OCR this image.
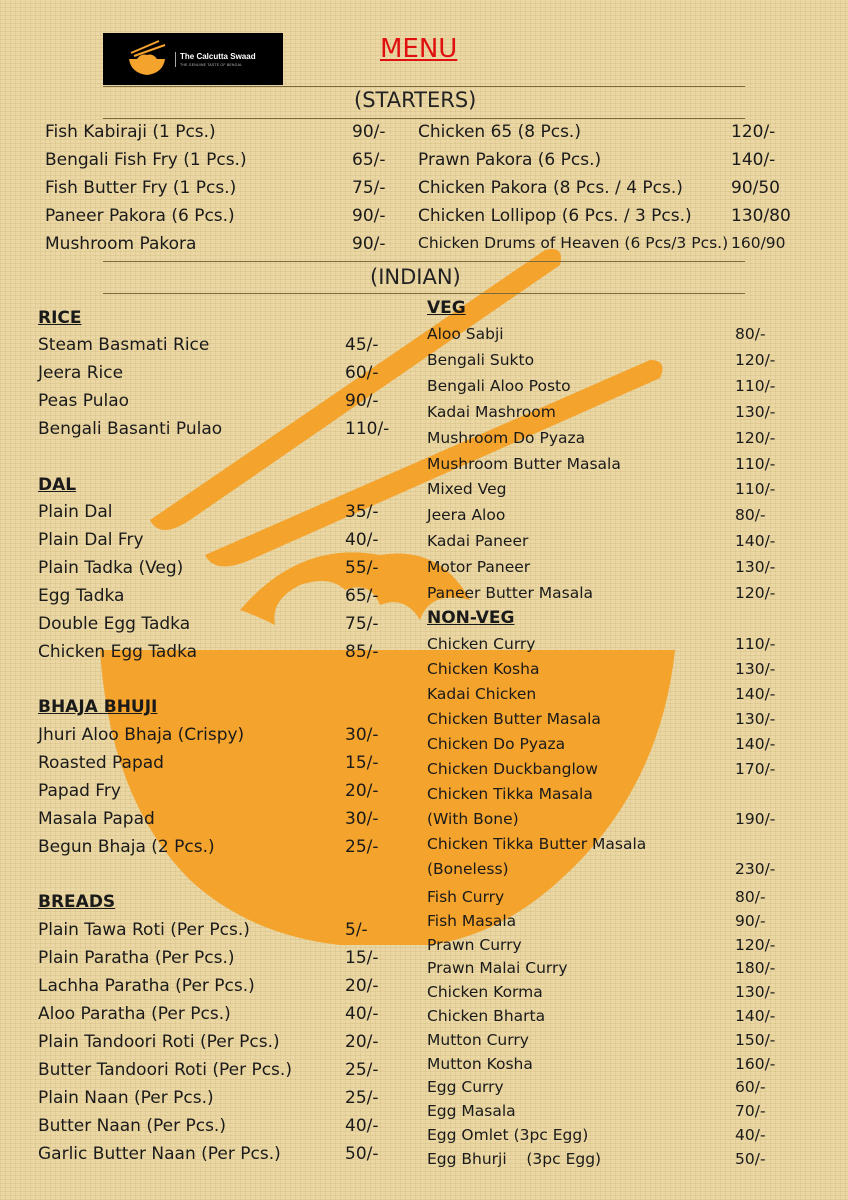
The Calcutta Swaad
THE GENUINE TASTE OF BENGAL
MENU
(STARTERS)
Fish Kabiraji (1 Pcs.)	90/-
Bengali Fish Fry (1 Pcs.)	65/-
Fish Butter Fry (1 Pcs.)	75/-
Paneer Pakora (6 Pcs.)	90/-
Mushroom Pakora	90/-
Chicken 65 (8 Pcs.)	120/-
Prawn Pakora (6 Pcs.)	140/-
Chicken Pakora (8 Pcs. / 4 Pcs.)	90/50
Chicken Lollipop (6 Pcs. / 3 Pcs.) 130/80
Chicken Drums of Heaven (6 Pcs/3 Pcs.) 160/90
(INDIAN)
RICE
Steam Basmati Rice	45/-
Jeera Rice	60/-
Peas Pulao	90/-
Bengali Basanti Pulao	110/-
DAL
Plain Dal	35/-
Plain Dal Fry	40/-
Plain Tadka (Veg)	55/-
Egg Tadka	65/-
Double Egg Tadka	75/-
Chicken Egg Tadka	85/-
BHAJA BHUJI
Jhuri Aloo Bhaja (Crispy)	30/-
Roasted Papad	15/-
Papad Fry	20/-
Masala Papad	30/-
Begun Bhaja (2 Pcs.)	25/-
BREADS
Plain Tawa Roti (Per Pcs.)	5/-
Plain Paratha (Per Pcs.)	15/-
Lachha Paratha (Per Pcs.)	20/-
Aloo Paratha (Per Pcs.)	40/-
Plain Tandoori Roti (Per Pcs.)	20/-
Butter Tandoori Roti (Per Pcs.)	25/-
Plain Naan (Per Pcs.)	25/-
Butter Naan (Per Pcs.)	40/-
Garlic Butter Naan (Per Pcs.)	50/-
VEG
Aloo Sabji	80/-
Bengali Sukto	120/-
Bengali Aloo Posto	110/-
Kadai Mashroom	130/-
Mushroom Do Pyaza	120/-
Mushroom Butter Masala	110/-
Mixed Veg	110/-
Jeera Aloo	80/-
Kadai Paneer	140/-
Motor Paneer	130/-
Paneer Butter Masala	120/-
NON-VEG
Chicken Curry	110/-
Chicken Kosha	130/-
Kadai Chicken	140/-
Chicken Butter Masala	130/-
Chicken Do Pyaza	140/-
Chicken Duckbanglow	170/-
Chicken Tikka Masala
(With Bone)	190/-
Chicken Tikka Butter Masala
(Boneless)	230/-
Fish Curry	80/-
Fish Masala	90/-
Prawn Curry	120/-
Prawn Malai Curry	180/-
Chicken Korma	130/-
Chicken Bharta	140/-
Mutton Curry	150/-
Mutton Kosha	160/-
Egg Curry	60/-
Egg Masala	70/-
Egg Omlet (3pc Egg)	40/-
Egg Bhurji    (3pc Egg)	50/-
